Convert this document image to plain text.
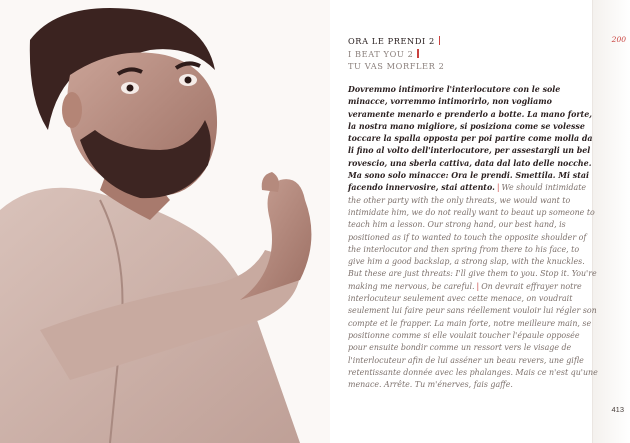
200
ORA LE PRENDI 2
I BEAT YOU 2
TU VAS MORFLER 2
Dovremmo intimorire l'interlocutore con le sole minacce, vorremmo intimorirlo, non vogliamo veramente menarlo e prenderlo a botte. La mano forte, la nostra mano migliore, si posiziona come se volesse toccare la spalla opposta per poi partire come molla da li fino al volto dell'interlocutore, per assestargli un bel rovescio, una sberla cattiva, data dal lato delle nocche. Ma sono solo minacce: Ora le prendi. Smettila. Mi stai facendo innervosire, stai attento. | We should intimidate the other party with the only threats, we would want to intimidate him, we do not really want to beaut up someone to teach him a lesson. Our strong hand, our best hand, is positioned as if to wanted to touch the opposite shoulder of the interlocutor and then spring from there to his face, to give him a good backslap, a strong slap, with the knuckles. But these are just threats: I'll give them to you. Stop it. You're making me nervous, be careful. | On devrait effrayer notre interlocuteur seulement avec cette menace, on voudrait seulement lui faire peur sans réellement vouloir lui régler son compte et le frapper. La main forte, notre meilleure main, se positionne comme si elle voulait toucher l'épaule opposée pour ensuite bondir comme un ressort vers le visage de l'interlocuteur afin de lui asséner un beau revers, une gifle retentissante donnée avec les phalanges. Mais ce n'est qu'une menace. Arrête. Tu m'énerves, fais gaffe.
413
